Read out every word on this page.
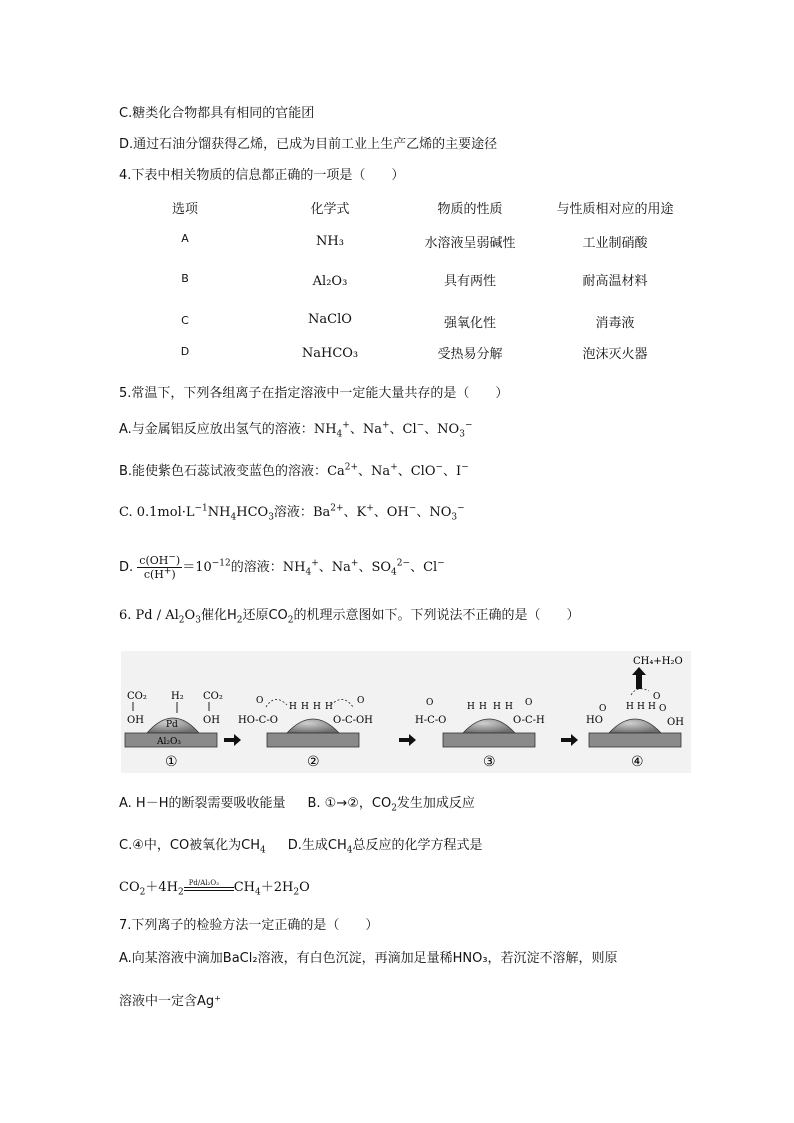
C.糖类化合物都具有相同的官能团
D.通过石油分馏获得乙烯，已成为目前工业上生产乙烯的主要途径
4.下表中相关物质的信息都正确的一项是（　　）
选项	化学式	物质的性质	与性质相对应的用途
A	NH₃	水溶液呈弱碱性	工业制硝酸
B	Al₂O₃	具有两性	耐高温材料
C	NaClO	强氧化性	消毒液
D	NaHCO₃	受热易分解	泡沫灭火器
5.常温下，下列各组离子在指定溶液中一定能大量共存的是（　　）
A.与金属铝反应放出氢气的溶液：$NH_4^+$、Na+、Cl−、$NO_3^-$
B.能使紫色石蕊试液变蓝色的溶液：$Ca^{2+}$、Na+、ClO−、I−
C. $0.1mol\cdot L^{-1}NH_4HCO_3$溶液：$Ba^{2+}$、K+、OH−、$NO_3^-$
D. $\frac{c(OH^-)}{c(H^+)} =10^{-12}$的溶液：$NH_4^+$、Na+、$SO_4^{2-}$、Cl−
6. Pd / $Al_2O_3$催化$H_2$还原$CO_2$的机理示意图如下。下列说法不正确的是（　　）
CO₂
OH
H₂ CO₂
OH
Pd
Al₂O₃
①
HO-C-O
O
H H H H
O
O-C-OH
②
H-C-O
O	H H H H O
O-C-H
③
CH₄+H₂O
HO
O H H H
O
O
OH
④
A. H－H的断裂需要吸收能量 B. ①→②，$CO_2$发生加成反应
C.④中，CO被氧化为$CH_4$ D.生成$CH_4$总反应的化学方程式是
$CO_2+4H_2$
Pd/Al₂O₃ $CH_4+2H_2O$
7.下列离子的检验方法一定正确的是（　　）
A.向某溶液中滴加BaCl₂溶液，有白色沉淀，再滴加足量稀HNO₃，若沉淀不溶解，则原
溶液中一定含Ag⁺
